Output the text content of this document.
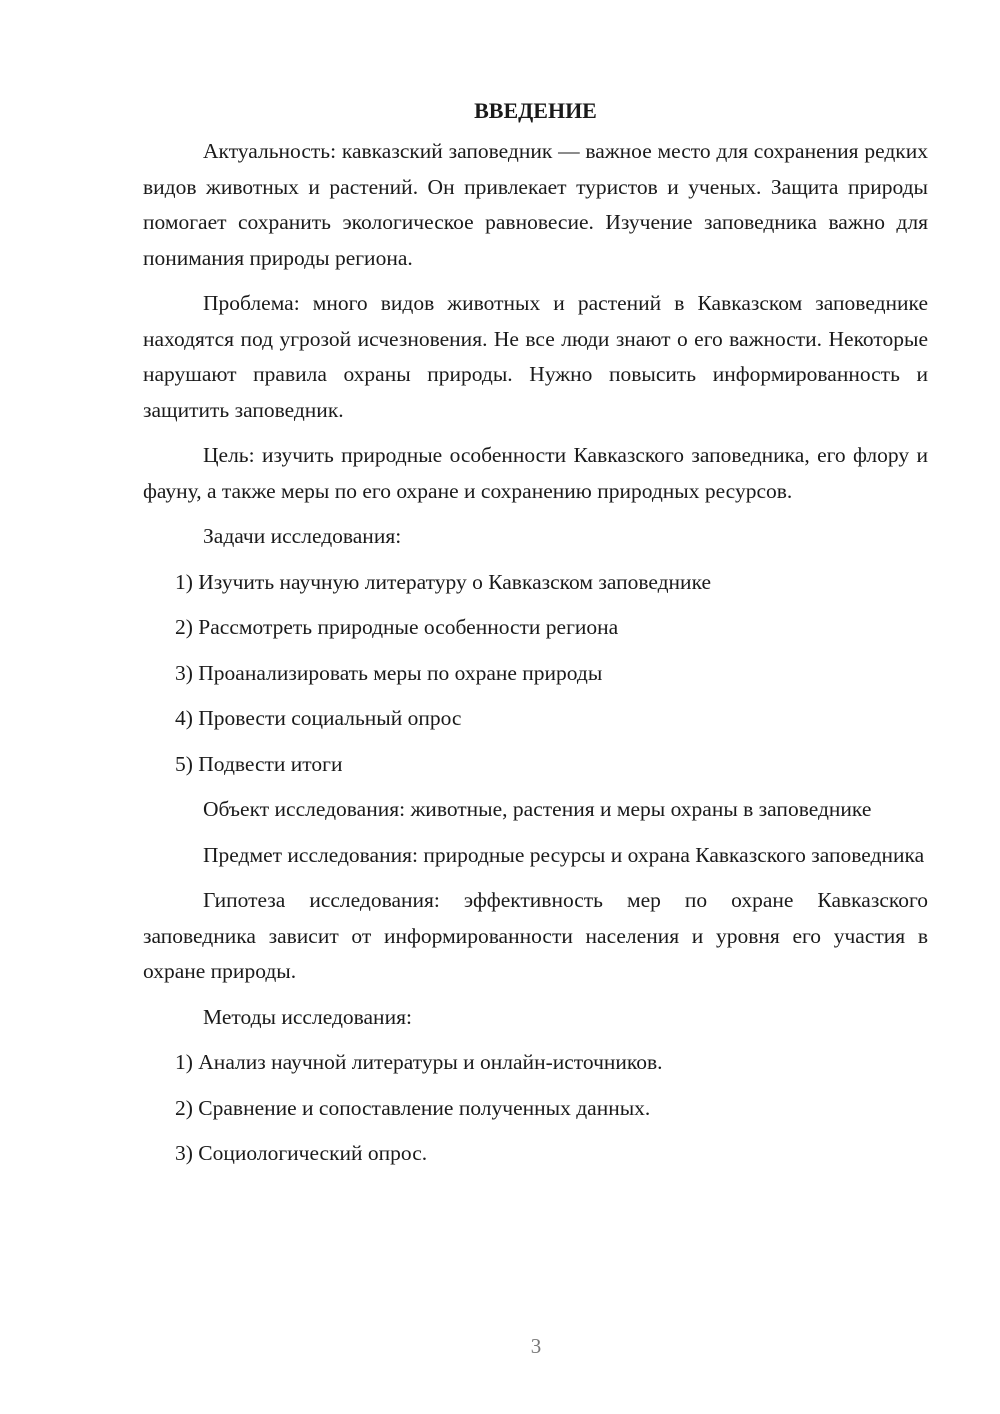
ВВЕДЕНИЕ

Актуальность: кавказский заповедник — важное место для сохранения редких видов животных и растений. Он привлекает туристов и ученых. Защита природы помогает сохранить экологическое равновесие. Изучение заповедника важно для понимания природы региона.

Проблема: много видов животных и растений в Кавказском заповеднике находятся под угрозой исчезновения. Не все люди знают о его важности. Некоторые нарушают правила охраны природы. Нужно повысить информированность и защитить заповедник.

Цель: изучить природные особенности Кавказского заповедника, его флору и фауну, а также меры по его охране и сохранению природных ресурсов.

Задачи исследования:

1) Изучить научную литературу о Кавказском заповеднике

2) Рассмотреть природные особенности региона

3) Проанализировать меры по охране природы

4) Провести социальный опрос

5) Подвести итоги

Объект исследования: животные, растения и меры охраны в заповеднике

Предмет исследования: природные ресурсы и охрана Кавказского заповедника

Гипотеза исследования: эффективность мер по охране Кавказского заповедника зависит от информированности населения и уровня его участия в охране природы.

Методы исследования:

1) Анализ научной литературы и онлайн-источников.

2) Сравнение и сопоставление полученных данных.

3) Социологический опрос.

3
